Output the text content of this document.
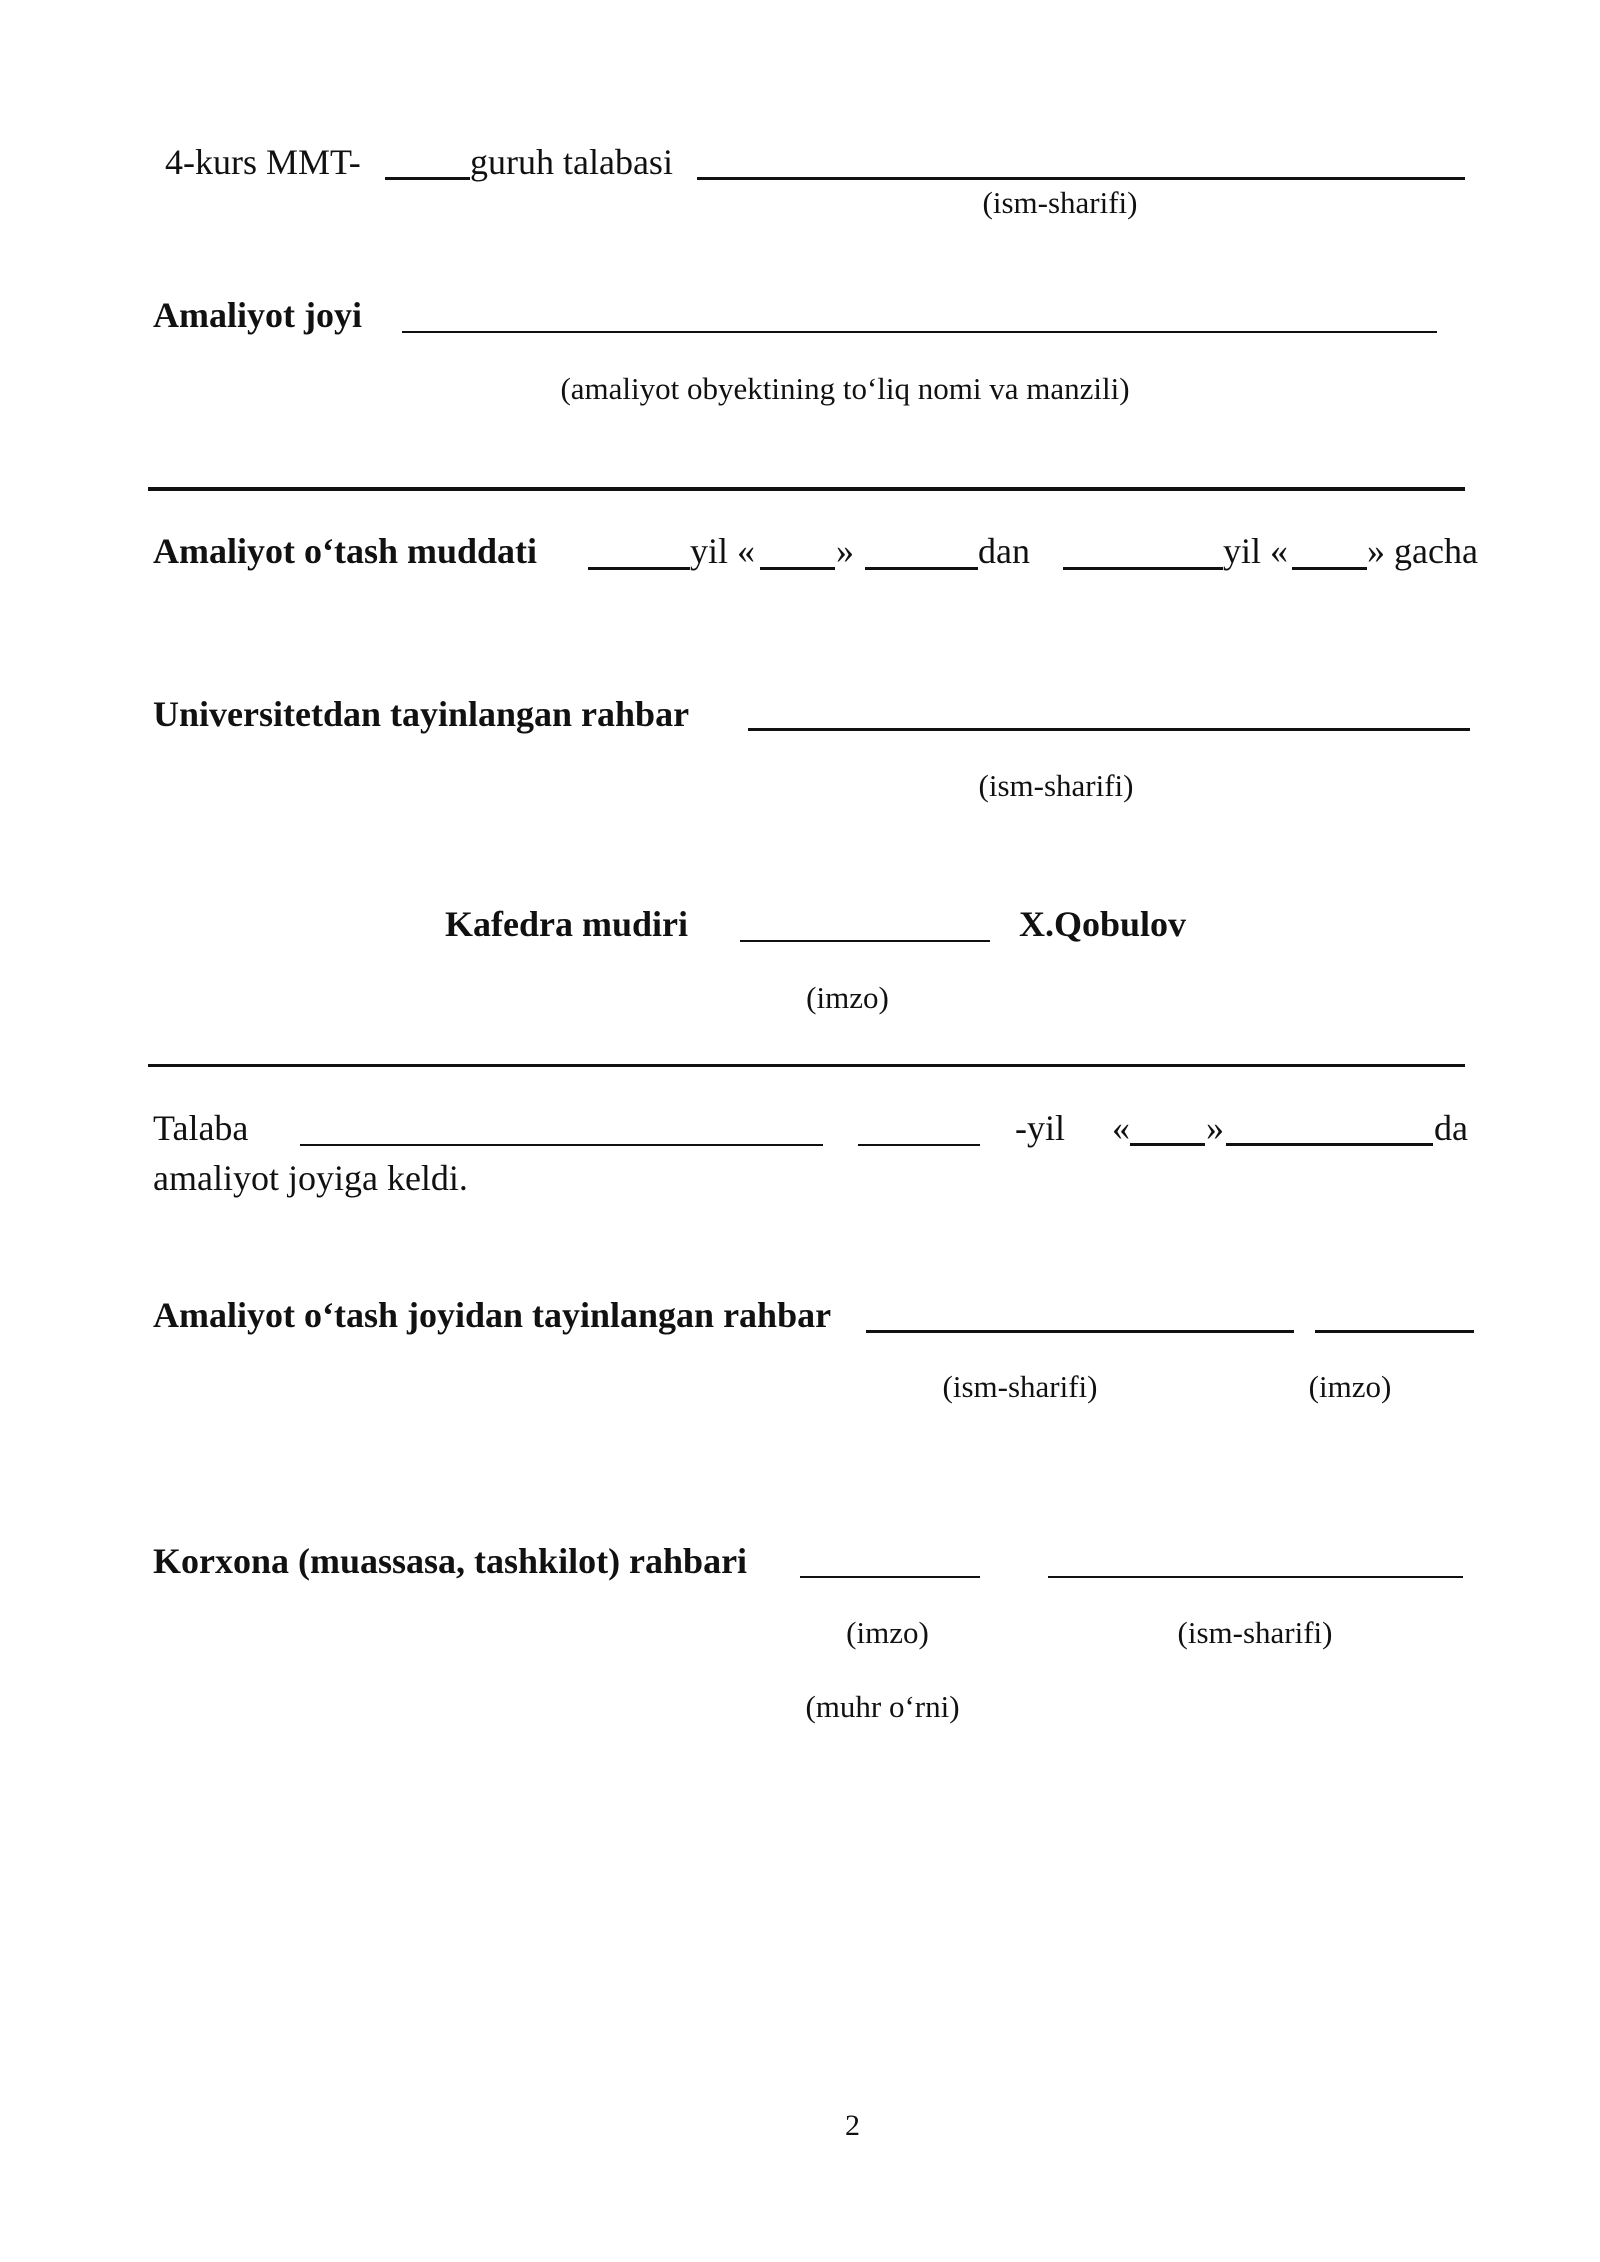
4-kurs MMT-	guruh talabasi
(ism-sharifi)
Amaliyot joyi
(amaliyot obyektining to‘liq nomi va manzili)
Amaliyot o‘tash muddati	yil « »	dan	yil « » gacha
Universitetdan tayinlangan rahbar
(ism-sharifi)
Kafedra mudiri	X.Qobulov
(imzo)
Talaba	-yil « »	da
amaliyot joyiga keldi.
Amaliyot o‘tash joyidan tayinlangan rahbar
(ism-sharifi)	(imzo)
Korxona (muassasa, tashkilot) rahbari
(imzo)	(ism-sharifi)
(muhr o‘rni)
2
